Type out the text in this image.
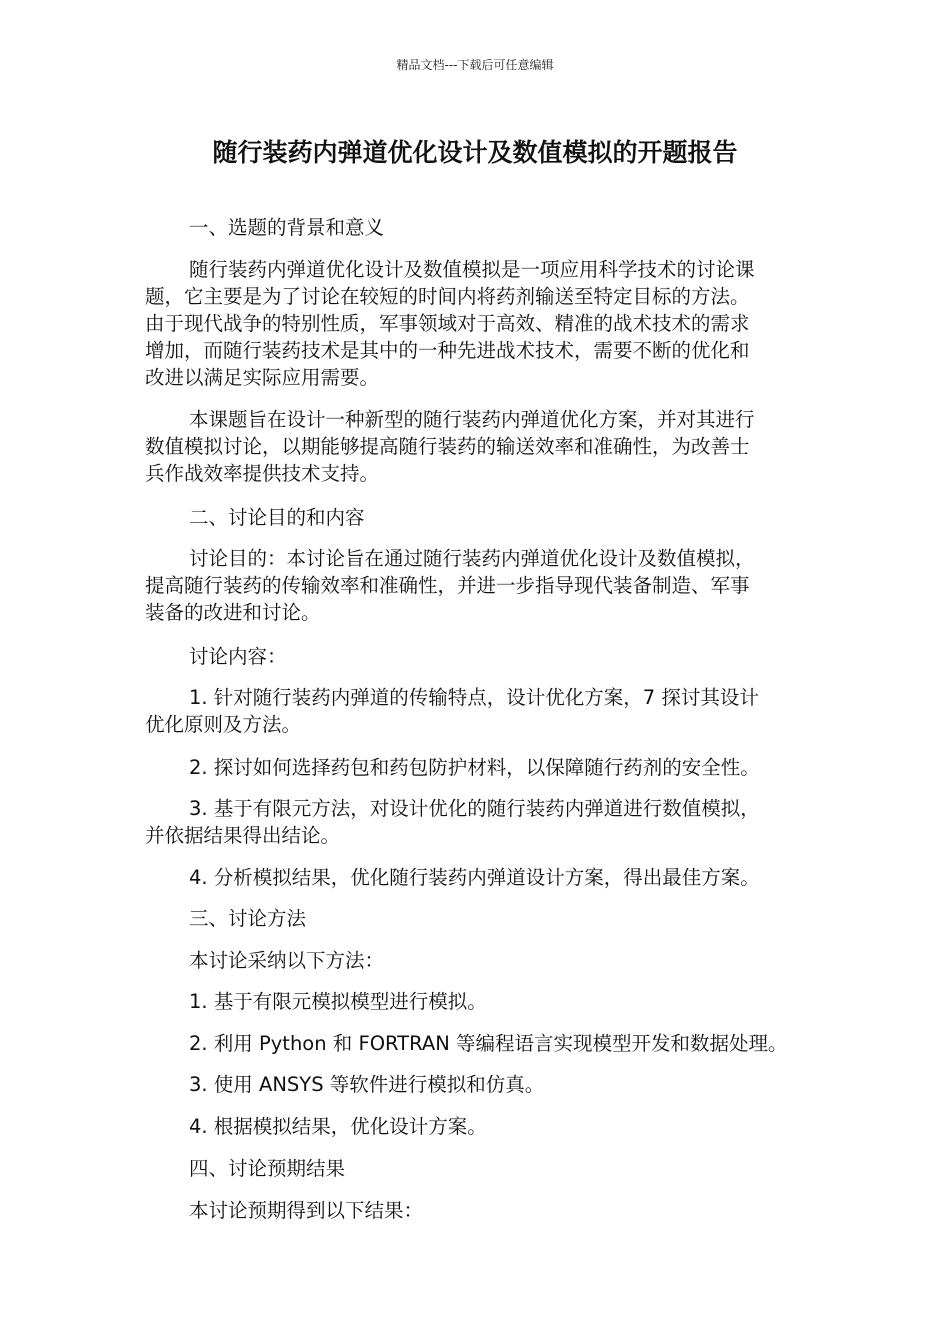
精品文档---下载后可任意编辑
随行装药内弹道优化设计及数值模拟的开题报告

一、选题的背景和意义

随行装药内弹道优化设计及数值模拟是一项应用科学技术的讨论课
题，它主要是为了讨论在较短的时间内将药剂输送至特定目标的方法。
由于现代战争的特别性质，军事领域对于高效、精准的战术技术的需求
增加，而随行装药技术是其中的一种先进战术技术，需要不断的优化和
改进以满足实际应用需要。

本课题旨在设计一种新型的随行装药内弹道优化方案，并对其进行
数值模拟讨论，以期能够提高随行装药的输送效率和准确性，为改善士
兵作战效率提供技术支持。

二、讨论目的和内容

讨论目的：本讨论旨在通过随行装药内弹道优化设计及数值模拟，
提高随行装药的传输效率和准确性，并进一步指导现代装备制造、军事
装备的改进和讨论。

讨论内容：

1. 针对随行装药内弹道的传输特点，设计优化方案，7 探讨其设计
优化原则及方法。

2. 探讨如何选择药包和药包防护材料，以保障随行药剂的安全性。

3. 基于有限元方法，对设计优化的随行装药内弹道进行数值模拟，
并依据结果得出结论。

4. 分析模拟结果，优化随行装药内弹道设计方案，得出最佳方案。

三、讨论方法

本讨论采纳以下方法：

1. 基于有限元模拟模型进行模拟。

2. 利用 Python 和 FORTRAN 等编程语言实现模型开发和数据处理。

3. 使用 ANSYS 等软件进行模拟和仿真。

4. 根据模拟结果，优化设计方案。

四、讨论预期结果

本讨论预期得到以下结果：
